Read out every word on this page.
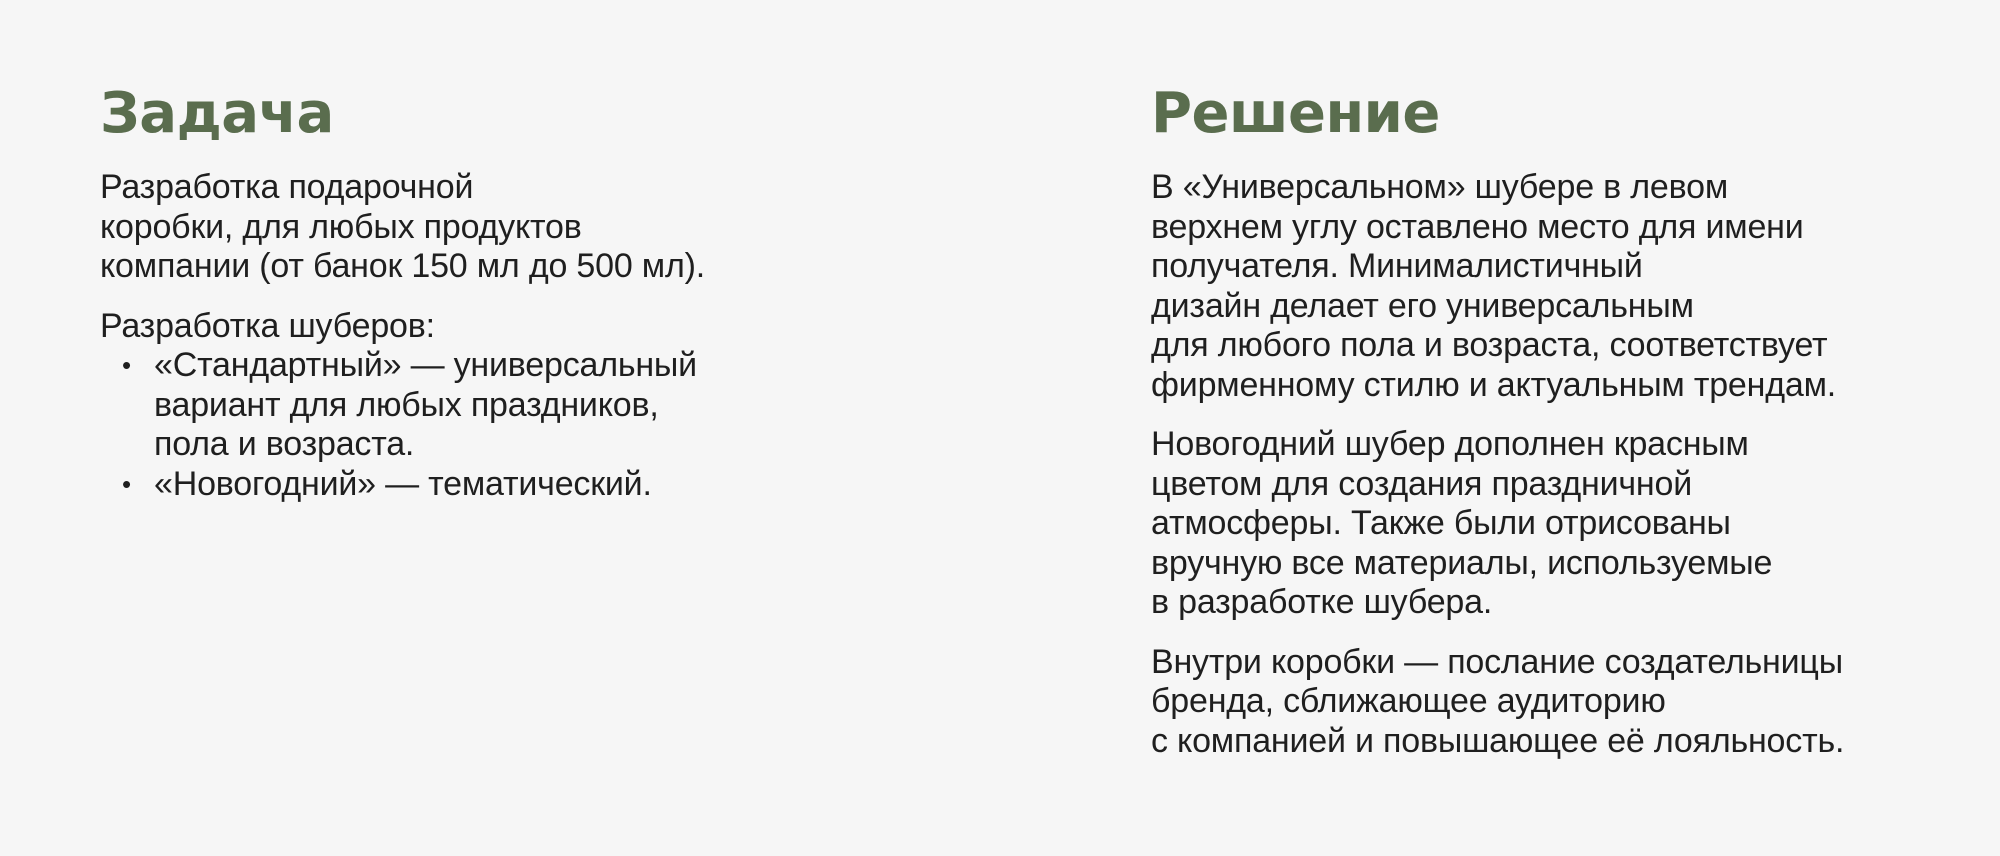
Задача

Разработка подарочной
коробки, для любых продуктов
компании (от банок 150 мл до 500 мл).

Разработка шуберов:

• «Стандартный» — универсальный
вариант для любых праздников,
пола и возраста.
• «Новогодний» — тематический.
Решение

В «Универсальном» шубере в левом
верхнем углу оставлено место для имени
получателя. Минималистичный
дизайн делает его универсальным
для любого пола и возраста, соответствует
фирменному стилю и актуальным трендам.

Новогодний шубер дополнен красным
цветом для создания праздничной
атмосферы. Также были отрисованы
вручную все материалы, используемые
в разработке шубера.

Внутри коробки — послание создательницы
бренда, сближающее аудиторию
с компанией и повышающее её лояльность.
